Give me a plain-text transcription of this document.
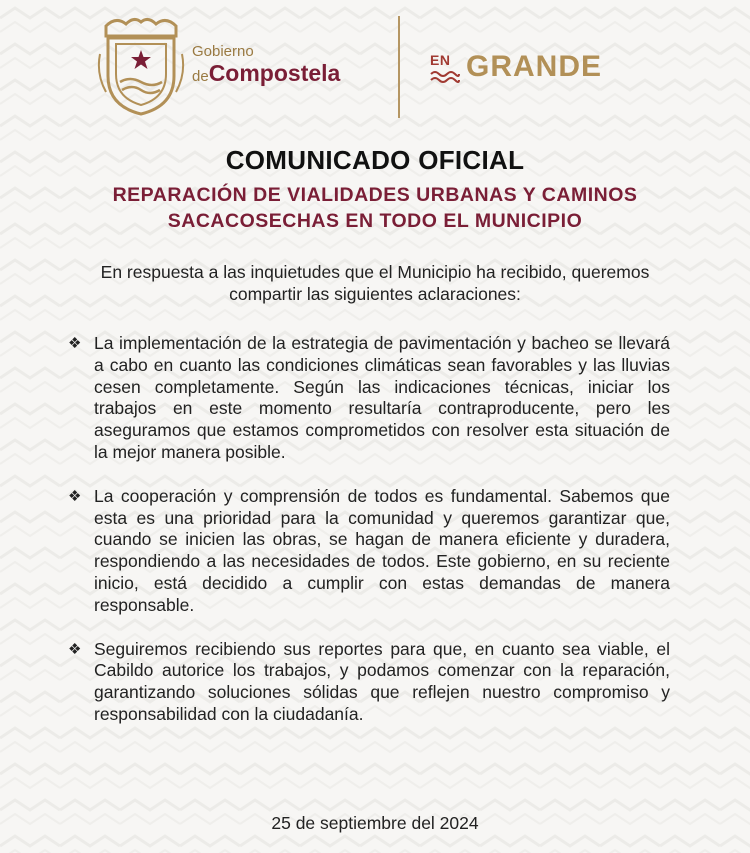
Gobierno
deCompostela	EN GRANDE
COMUNICADO OFICIAL
REPARACIÓN DE VIALIDADES URBANAS Y CAMINOS
SACACOSECHAS EN TODO EL MUNICIPIO
En respuesta a las inquietudes que el Municipio ha recibido, queremos
compartir las siguientes aclaraciones:
❖ La implementación de la estrategia de pavimentación y bacheo se llevará a cabo en cuanto las condiciones climáticas sean favorables y las lluvias cesen completamente. Según las indicaciones técnicas, iniciar los trabajos en este momento resultaría contraproducente, pero les aseguramos que estamos comprometidos con resolver esta situación de la mejor manera posible.
❖ La cooperación y comprensión de todos es fundamental. Sabemos que esta es una prioridad para la comunidad y queremos garantizar que, cuando se inicien las obras, se hagan de manera eficiente y duradera, respondiendo a las necesidades de todos. Este gobierno, en su reciente inicio, está decidido a cumplir con estas demandas de manera responsable.
❖ Seguiremos recibiendo sus reportes para que, en cuanto sea viable, el Cabildo autorice los trabajos, y podamos comenzar con la reparación, garantizando soluciones sólidas que reflejen nuestro compromiso y responsabilidad con la ciudadanía.
25 de septiembre del 2024
